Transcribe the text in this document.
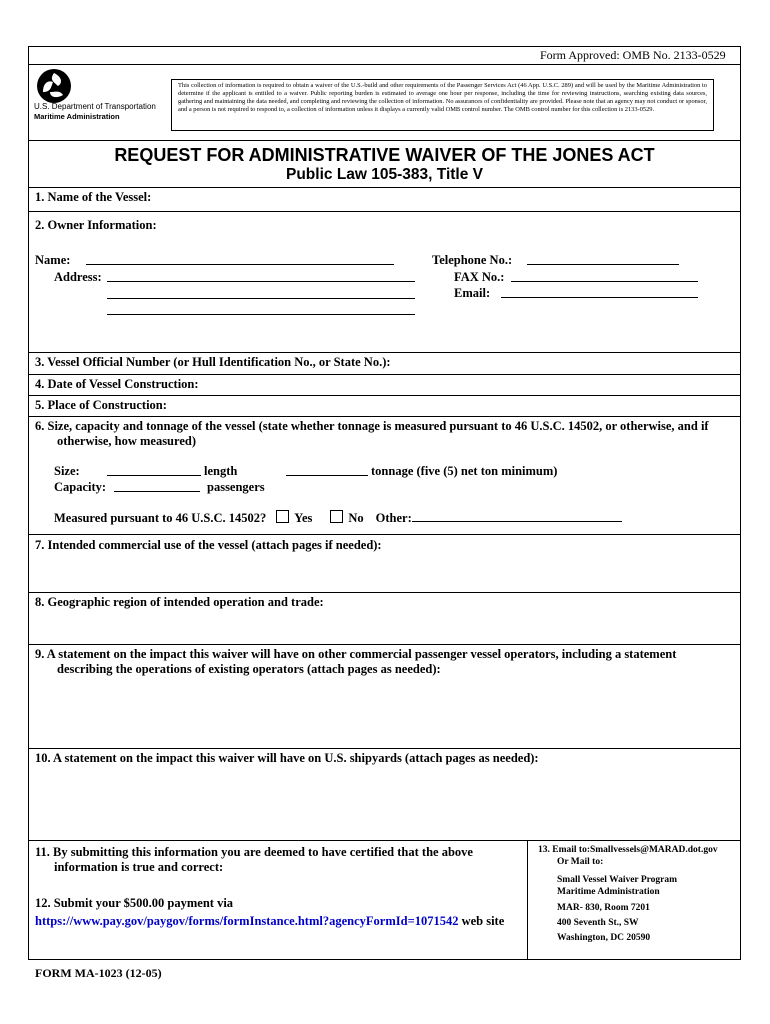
Form Approved: OMB No. 2133-0529
U.S. Department of Transportation
Maritime Administration
This collection of information is required to obtain a waiver of the U.S.-build and other requirements of the Passenger Services Act (46 App. U.S.C. 289) and will be used by the Maritime Administration to determine if the applicant is entitled to a waiver. Public reporting burden is estimated to average one hour per response, including the time for reviewing instructions, searching existing data sources, gathering and maintaining the data needed, and completing and reviewing the collection of information. No assurances of confidentiality are provided. Please note that an agency may not conduct or sponsor, and a person is not required to respond to, a collection of information unless it displays a currently valid OMB control number. The OMB control number for this collection is 2133-0529.
REQUEST FOR ADMINISTRATIVE WAIVER OF THE JONES ACT
Public Law 105-383, Title V
1. Name of the Vessel:
2. Owner Information:
Name:
Address:
Telephone No.:
FAX No.:
Email:
3. Vessel Official Number (or Hull Identification No., or State No.):
4. Date of Vessel Construction:
5. Place of Construction:
6. Size, capacity and tonnage of the vessel (state whether tonnage is measured pursuant to 46 U.S.C. 14502, or otherwise, and if
otherwise, how measured)
Size:	length	tonnage (five (5) net ton minimum)
Capacity:	passengers
Measured pursuant to 46 U.S.C. 14502? Yes	No Other:
7. Intended commercial use of the vessel (attach pages if needed):
8. Geographic region of intended operation and trade:
9. A statement on the impact this waiver will have on other commercial passenger vessel operators, including a statement
describing the operations of existing operators (attach pages as needed):
10. A statement on the impact this waiver will have on U.S. shipyards (attach pages as needed):
11. By submitting this information you are deemed to have certified that the above
information is true and correct:
12. Submit your $500.00 payment via
https://www.pay.gov/paygov/forms/formInstance.html?agencyFormId=1071542 web site
13. Email to:Smallvessels@MARAD.dot.gov
Or Mail to:
Small Vessel Waiver Program
Maritime Administration
MAR- 830, Room 7201
400 Seventh St., SW
Washington, DC 20590
FORM MA-1023 (12-05)
